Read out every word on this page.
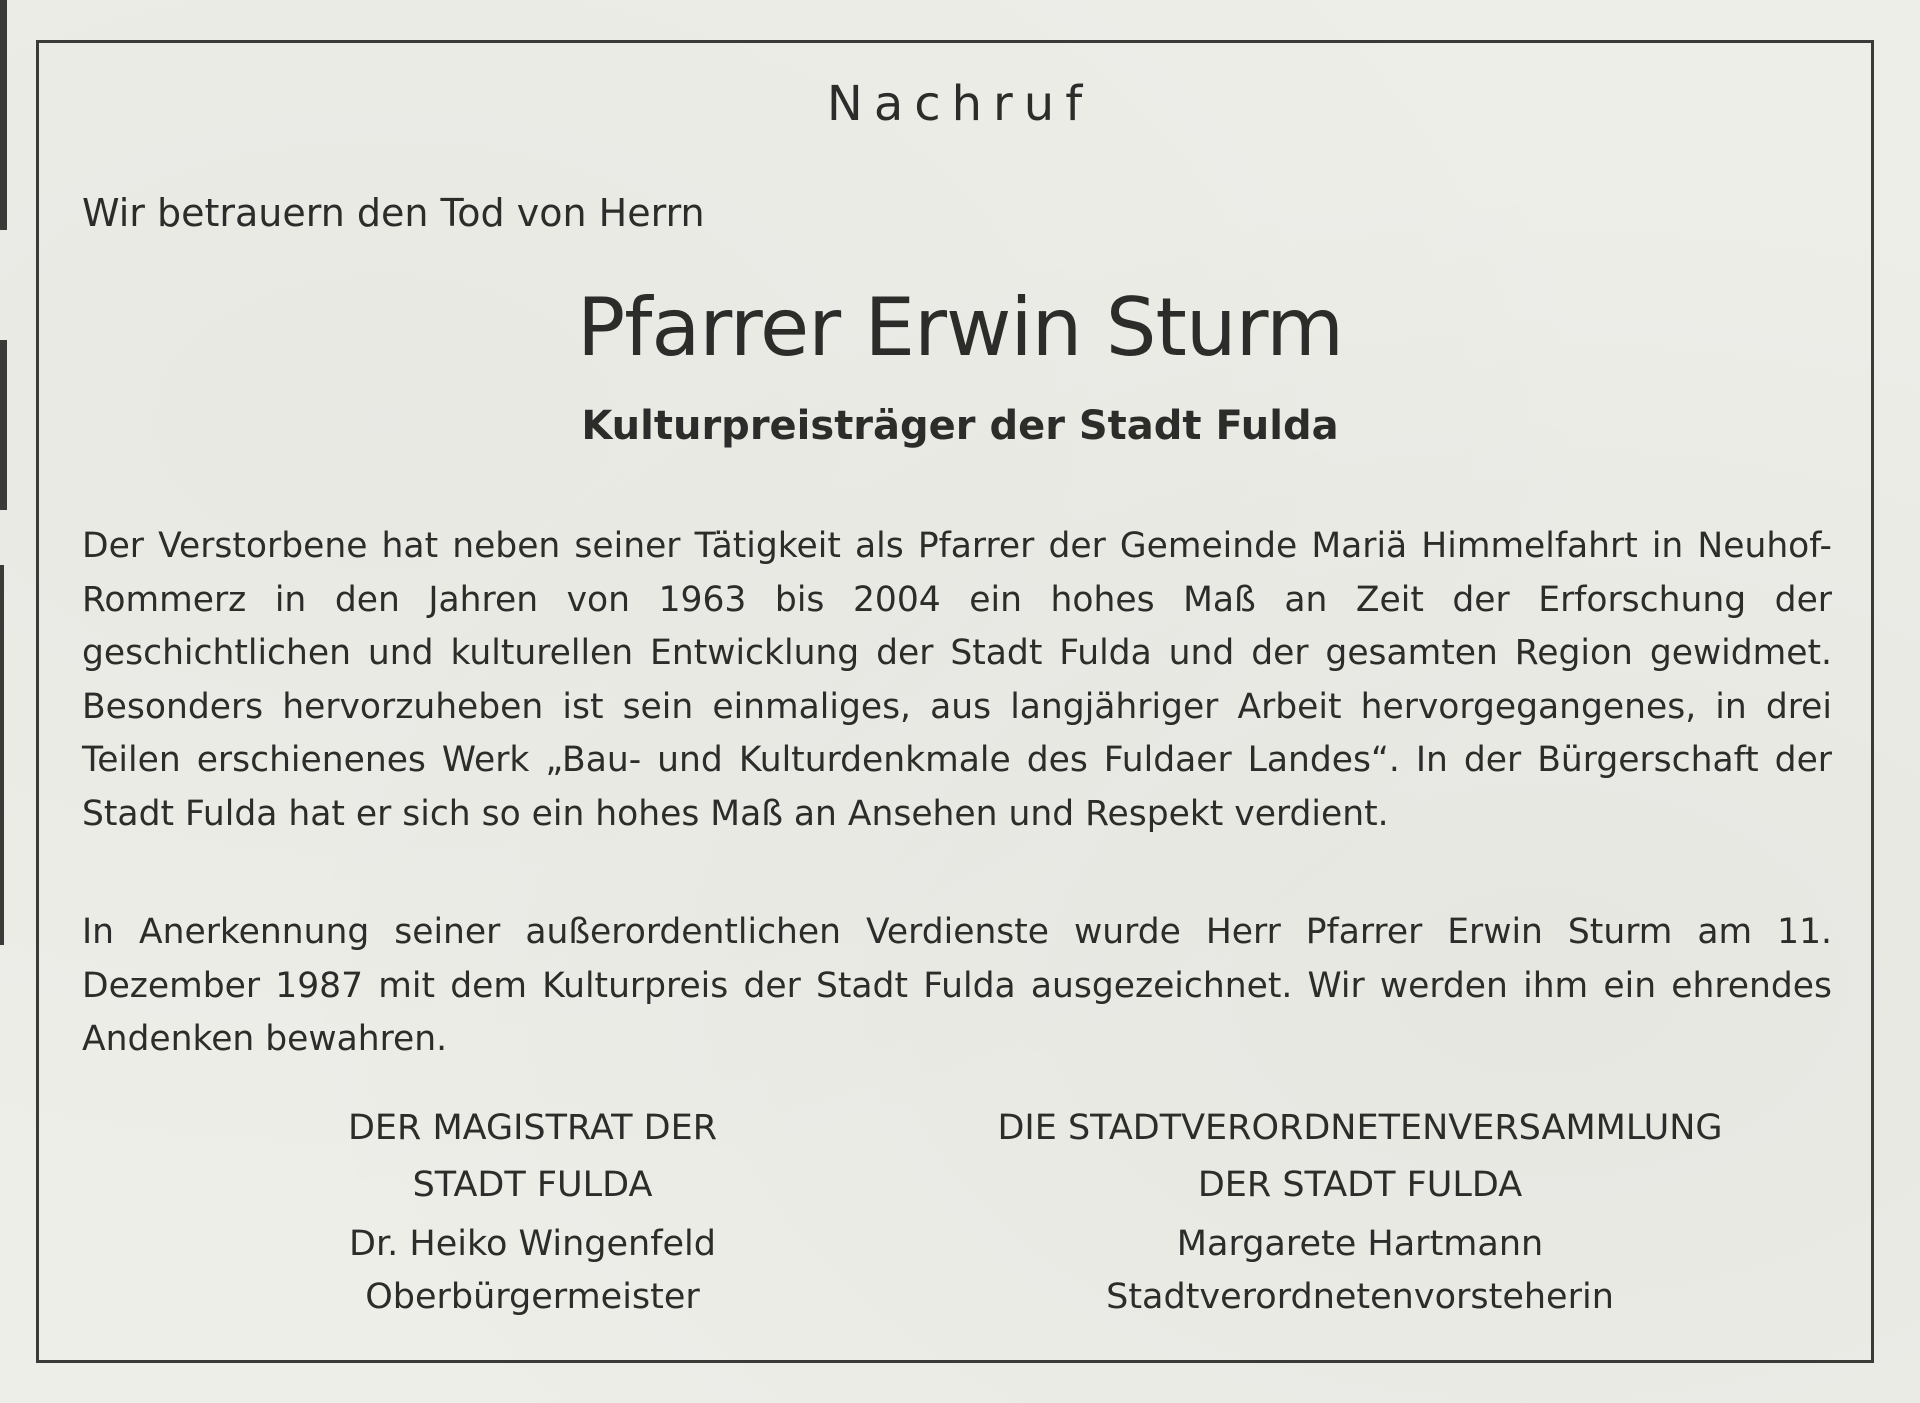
Nachruf
Wir betrauern den Tod von Herrn
Pfarrer Erwin Sturm
Kulturpreisträger der Stadt Fulda

Der Verstorbene hat neben seiner Tätigkeit als Pfarrer der Gemeinde Mariä Himmelfahrt in Neuhof-Rommerz in den Jahren von 1963 bis 2004 ein hohes Maß an Zeit der Erforschung der geschichtlichen und kulturellen Entwicklung der Stadt Fulda und der gesamten Region gewidmet. Besonders hervorzuheben ist sein einmaliges, aus langjähriger Arbeit hervorgegangenes, in drei Teilen erschienenes Werk „Bau- und Kulturdenkmale des Fuldaer Landes“. In der Bürgerschaft der Stadt Fulda hat er sich so ein hohes Maß an Ansehen und Respekt verdient.

In Anerkennung seiner außerordentlichen Verdienste wurde Herr Pfarrer Erwin Sturm am 11. Dezember 1987 mit dem Kulturpreis der Stadt Fulda ausgezeichnet. Wir werden ihm ein ehrendes Andenken bewahren.

DER MAGISTRAT DER
STADT FULDA
Dr. Heiko Wingenfeld
Oberbürgermeister
DIE STADTVERORDNETENVERSAMMLUNG
DER STADT FULDA
Margarete Hartmann
Stadtverordnetenvorsteherin
